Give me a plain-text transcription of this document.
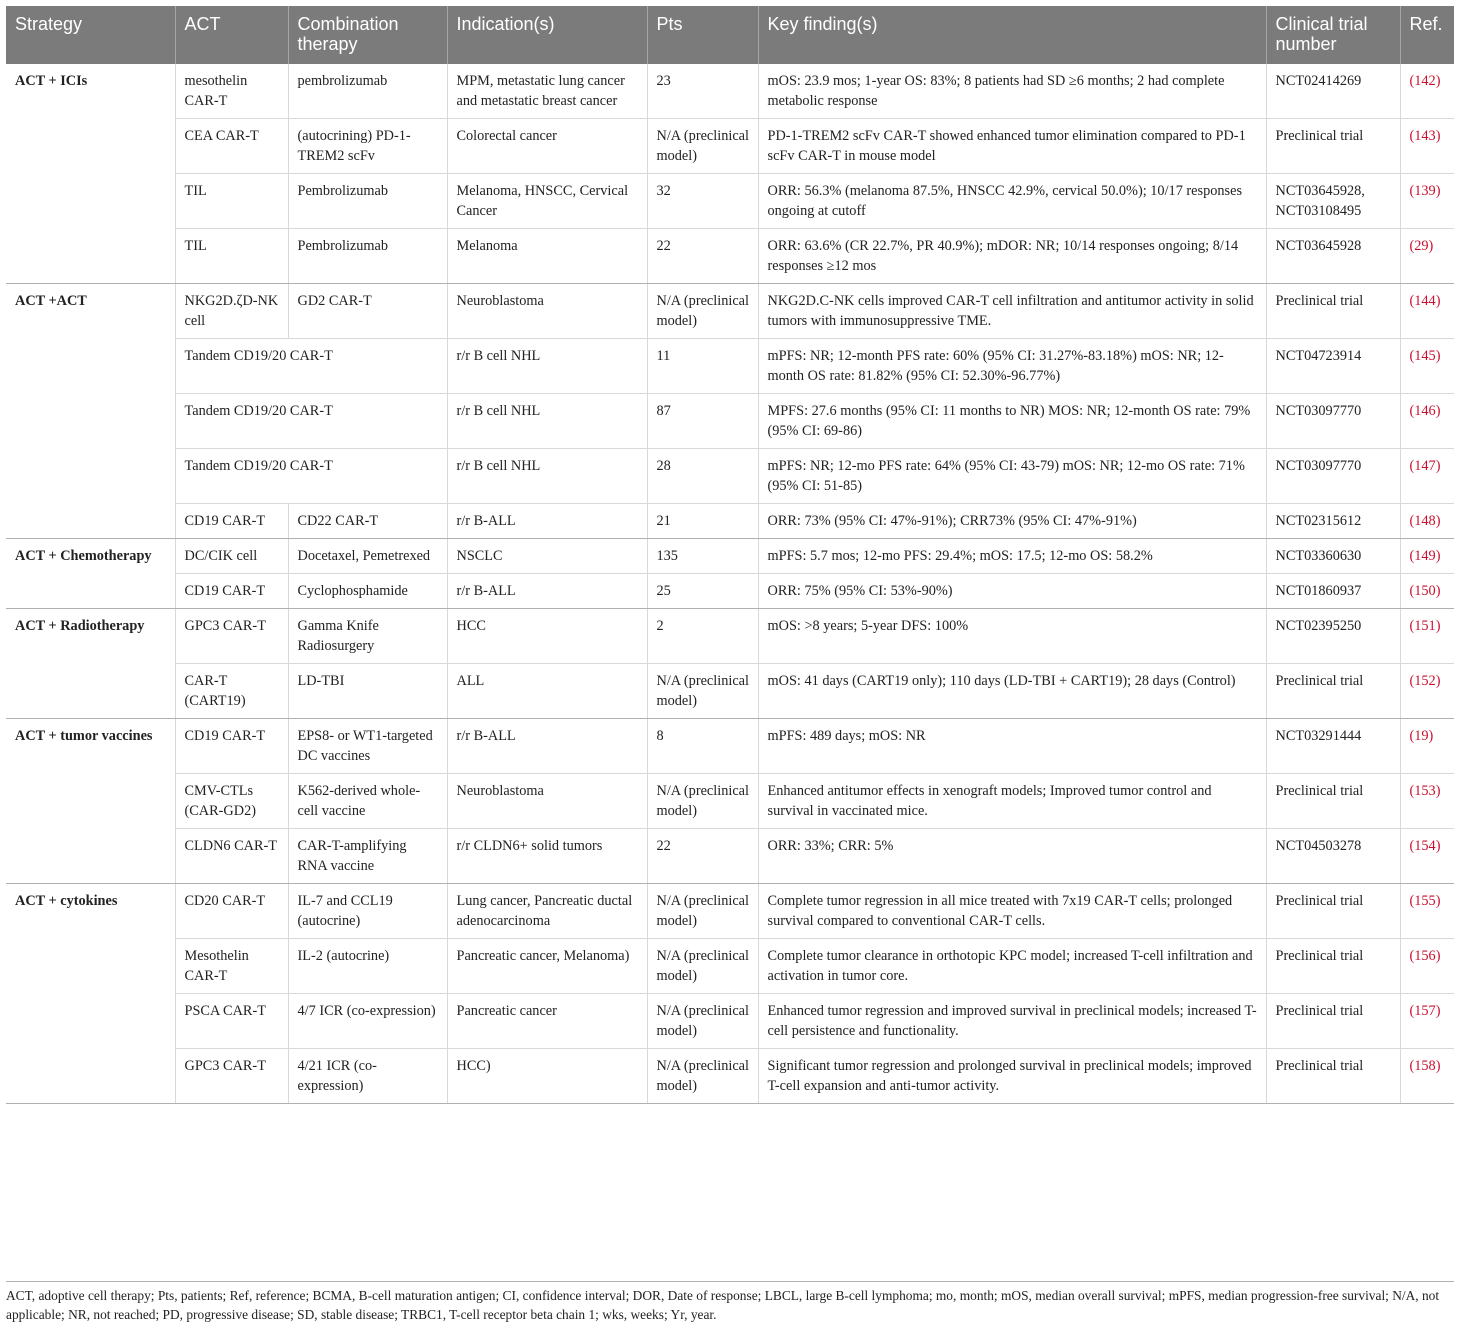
Strategy	ACT	Combination therapy	Indication(s)	Pts	Key finding(s)	Clinical trial number	Ref.
ACT + ICIs	mesothelin CAR-T	pembrolizumab	MPM, metastatic lung cancer and metastatic breast cancer	23	mOS: 23.9 mos; 1-year OS: 83%; 8 patients had SD ≥6 months; 2 had complete metabolic response	NCT02414269	(142)
	CEA CAR-T	(autocrining) PD-1-TREM2 scFv	Colorectal cancer	N/A (preclinical model)	PD-1-TREM2 scFv CAR-T showed enhanced tumor elimination compared to PD-1 scFv CAR-T in mouse model	Preclinical trial	(143)
	TIL	Pembrolizumab	Melanoma, HNSCC, Cervical Cancer	32	ORR: 56.3% (melanoma 87.5%, HNSCC 42.9%, cervical 50.0%); 10/17 responses ongoing at cutoff	NCT03645928, NCT03108495	(139)
	TIL	Pembrolizumab	Melanoma	22	ORR: 63.6% (CR 22.7%, PR 40.9%); mDOR: NR; 10/14 responses ongoing; 8/14 responses ≥12 mos	NCT03645928	(29)
ACT +ACT	NKG2D.ζD-NK cell	GD2 CAR-T	Neuroblastoma	N/A (preclinical model)	NKG2D.C-NK cells improved CAR-T cell infiltration and antitumor activity in solid tumors with immunosuppressive TME.	Preclinical trial	(144)
	Tandem CD19/20 CAR-T		r/r B cell NHL	11	mPFS: NR; 12-month PFS rate: 60% (95% CI: 31.27%-83.18%) mOS: NR; 12-month OS rate: 81.82% (95% CI: 52.30%-96.77%)	NCT04723914	(145)
	Tandem CD19/20 CAR-T		r/r B cell NHL	87	MPFS: 27.6 months (95% CI: 11 months to NR) MOS: NR; 12-month OS rate: 79% (95% CI: 69-86)	NCT03097770	(146)
	Tandem CD19/20 CAR-T		r/r B cell NHL	28	mPFS: NR; 12-mo PFS rate: 64% (95% CI: 43-79) mOS: NR; 12-mo OS rate: 71% (95% CI: 51-85)	NCT03097770	(147)
	CD19 CAR-T	CD22 CAR-T	r/r B-ALL	21	ORR: 73% (95% CI: 47%-91%); CRR73% (95% CI: 47%-91%)	NCT02315612	(148)
ACT + Chemotherapy	DC/CIK cell	Docetaxel, Pemetrexed	NSCLC	135	mPFS: 5.7 mos; 12-mo PFS: 29.4%; mOS: 17.5; 12-mo OS: 58.2%	NCT03360630	(149)
	CD19 CAR-T	Cyclophosphamide	r/r B-ALL	25	ORR: 75% (95% CI: 53%-90%)	NCT01860937	(150)
ACT + Radiotherapy	GPC3 CAR-T	Gamma Knife Radiosurgery	HCC	2	mOS: >8 years; 5-year DFS: 100%	NCT02395250	(151)
	CAR-T (CART19)	LD-TBI	ALL	N/A (preclinical model)	mOS: 41 days (CART19 only); 110 days (LD-TBI + CART19); 28 days (Control)	Preclinical trial	(152)
ACT + tumor vaccines	CD19 CAR-T	EPS8- or WT1-targeted DC vaccines	r/r B-ALL	8	mPFS: 489 days; mOS: NR	NCT03291444	(19)
	CMV-CTLs (CAR-GD2)	K562-derived whole-cell vaccine	Neuroblastoma	N/A (preclinical model)	Enhanced antitumor effects in xenograft models; Improved tumor control and survival in vaccinated mice.	Preclinical trial	(153)
	CLDN6 CAR-T	CAR-T-amplifying RNA vaccine	r/r CLDN6+ solid tumors	22	ORR: 33%; CRR: 5%	NCT04503278	(154)
ACT + cytokines	CD20 CAR-T	IL-7 and CCL19 (autocrine)	Lung cancer, Pancreatic ductal adenocarcinoma	N/A (preclinical model)	Complete tumor regression in all mice treated with 7x19 CAR-T cells; prolonged survival compared to conventional CAR-T cells.	Preclinical trial	(155)
	Mesothelin CAR-T	IL-2 (autocrine)	Pancreatic cancer, Melanoma)	N/A (preclinical model)	Complete tumor clearance in orthotopic KPC model; increased T-cell infiltration and activation in tumor core.	Preclinical trial	(156)
	PSCA CAR-T	4/7 ICR (co-expression)	Pancreatic cancer	N/A (preclinical model)	Enhanced tumor regression and improved survival in preclinical models; increased T-cell persistence and functionality.	Preclinical trial	(157)
	GPC3 CAR-T	4/21 ICR (co-expression)	HCC)	N/A (preclinical model)	Significant tumor regression and prolonged survival in preclinical models; improved T-cell expansion and anti-tumor activity.	Preclinical trial	(158)

ACT, adoptive cell therapy; Pts, patients; Ref, reference; BCMA, B-cell maturation antigen; CI, confidence interval; DOR, Date of response; LBCL, large B-cell lymphoma; mo, month; mOS, median overall survival; mPFS, median progression-free survival; N/A, not applicable; NR, not reached; PD, progressive disease; SD, stable disease; TRBC1, T-cell receptor beta chain 1; wks, weeks; Yr, year.
